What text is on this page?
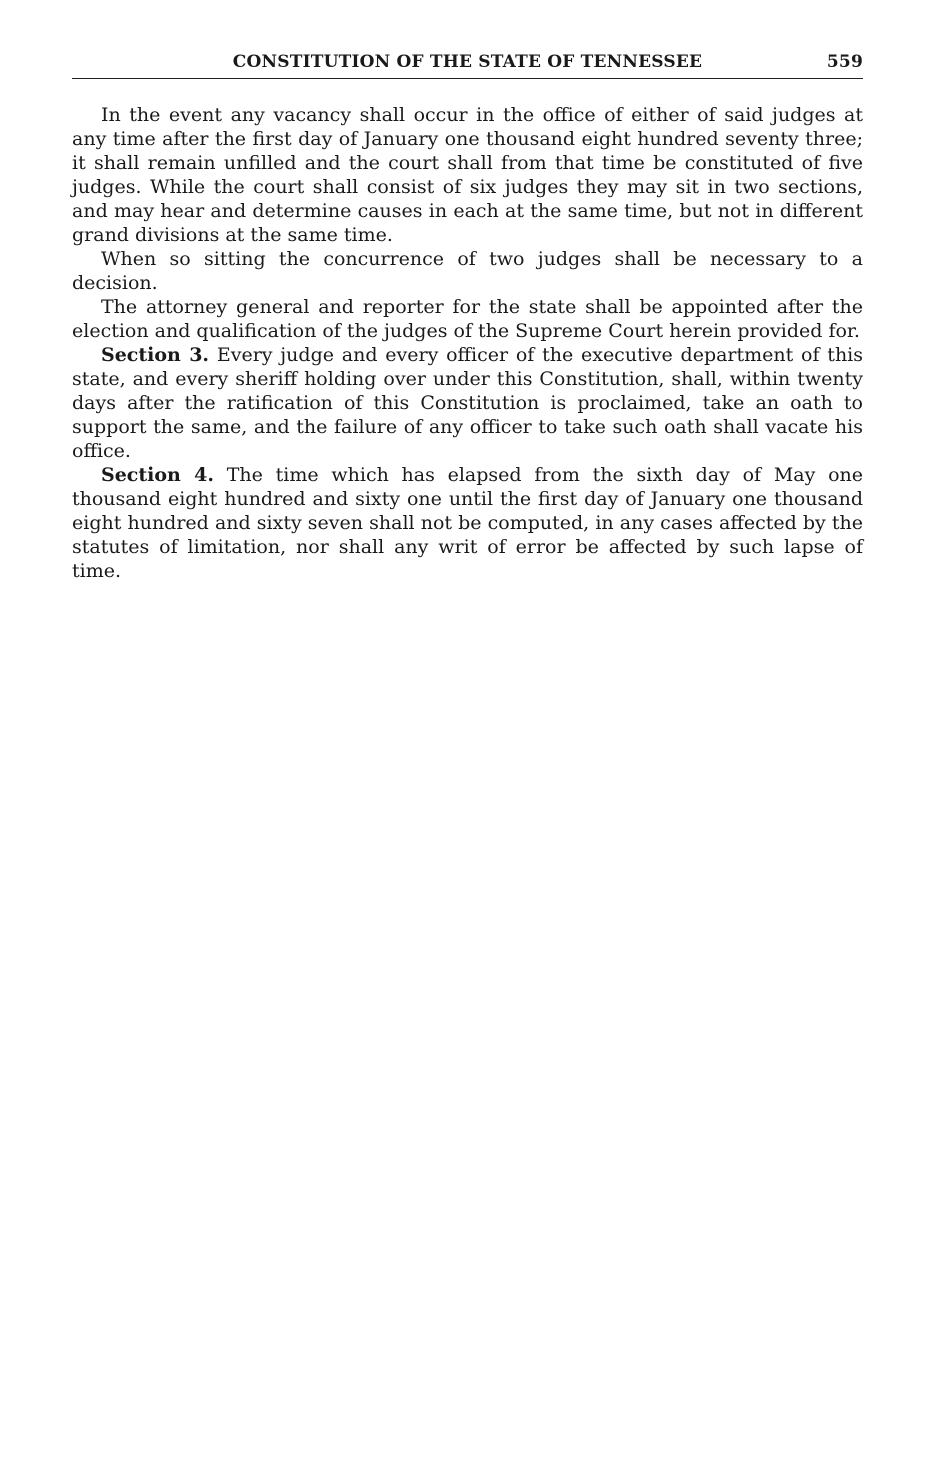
CONSTITUTION OF THE STATE OF TENNESSEE	559

In the event any vacancy shall occur in the office of either of said judges at any time after the first day of January one thousand eight hundred seventy three; it shall remain unfilled and the court shall from that time be constituted of five judges. While the court shall consist of six judges they may sit in two sections, and may hear and determine causes in each at the same time, but not in different grand divisions at the same time.

When so sitting the concurrence of two judges shall be necessary to a decision.

The attorney general and reporter for the state shall be appointed after the election and qualification of the judges of the Supreme Court herein provided for.

Section 3. Every judge and every officer of the executive department of this state, and every sheriff holding over under this Constitution, shall, within twenty days after the ratification of this Constitution is proclaimed, take an oath to support the same, and the failure of any officer to take such oath shall vacate his office.

Section 4. The time which has elapsed from the sixth day of May one thousand eight hundred and sixty one until the first day of January one thousand eight hundred and sixty seven shall not be computed, in any cases affected by the statutes of limitation, nor shall any writ of error be affected by such lapse of time.
